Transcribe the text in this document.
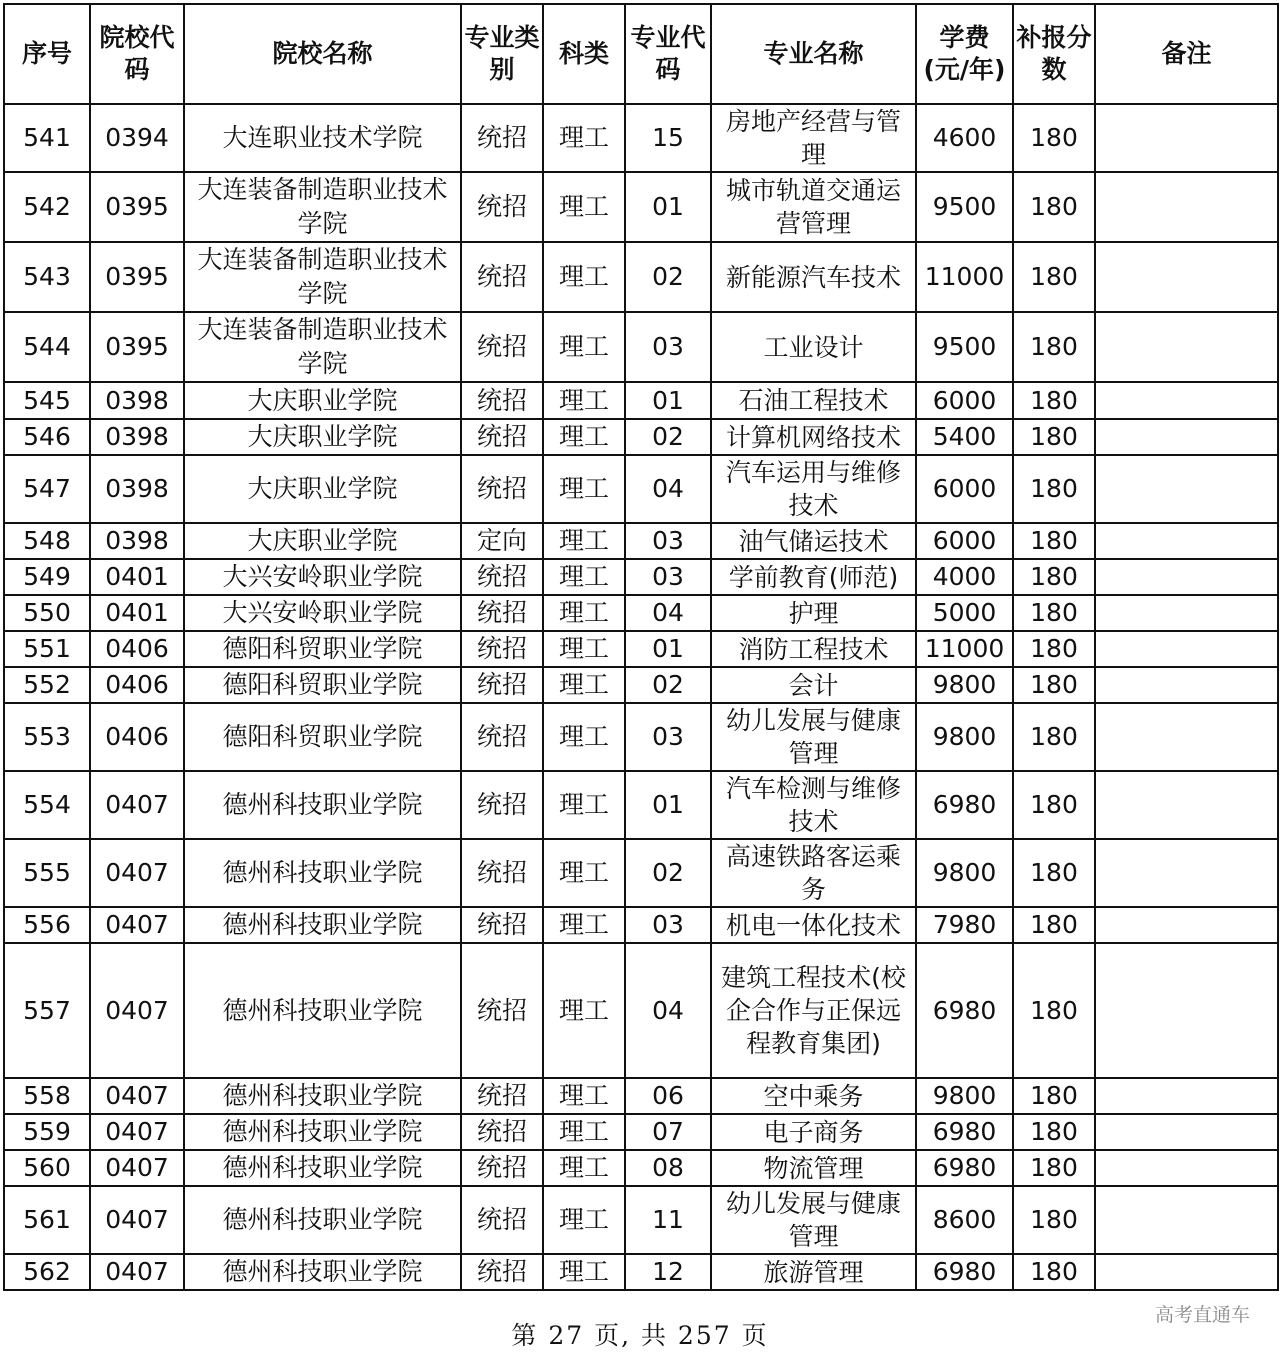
序号	院校代码	院校名称	专业类别	科类	专业代码	专业名称	学费(元/年)	补报分数	备注
541	0394	大连职业技术学院	统招	理工	15	房地产经营与管理	4600	180	
542	0395	大连装备制造职业技术学院	统招	理工	01	城市轨道交通运营管理	9500	180	
543	0395	大连装备制造职业技术学院	统招	理工	02	新能源汽车技术	11000	180	
544	0395	大连装备制造职业技术学院	统招	理工	03	工业设计	9500	180	
545	0398	大庆职业学院	统招	理工	01	石油工程技术	6000	180	
546	0398	大庆职业学院	统招	理工	02	计算机网络技术	5400	180	
547	0398	大庆职业学院	统招	理工	04	汽车运用与维修技术	6000	180	
548	0398	大庆职业学院	定向	理工	03	油气储运技术	6000	180	
549	0401	大兴安岭职业学院	统招	理工	03	学前教育(师范)	4000	180	
550	0401	大兴安岭职业学院	统招	理工	04	护理	5000	180	
551	0406	德阳科贸职业学院	统招	理工	01	消防工程技术	11000	180	
552	0406	德阳科贸职业学院	统招	理工	02	会计	9800	180	
553	0406	德阳科贸职业学院	统招	理工	03	幼儿发展与健康管理	9800	180	
554	0407	德州科技职业学院	统招	理工	01	汽车检测与维修技术	6980	180	
555	0407	德州科技职业学院	统招	理工	02	高速铁路客运乘务	9800	180	
556	0407	德州科技职业学院	统招	理工	03	机电一体化技术	7980	180	
557	0407	德州科技职业学院	统招	理工	04	建筑工程技术(校企合作与正保远程教育集团)	6980	180	
558	0407	德州科技职业学院	统招	理工	06	空中乘务	9800	180	
559	0407	德州科技职业学院	统招	理工	07	电子商务	6980	180	
560	0407	德州科技职业学院	统招	理工	08	物流管理	6980	180	
561	0407	德州科技职业学院	统招	理工	11	幼儿发展与健康管理	8600	180	
562	0407	德州科技职业学院	统招	理工	12	旅游管理	6980	180	
第 27 页, 共 257 页
高考直通车
